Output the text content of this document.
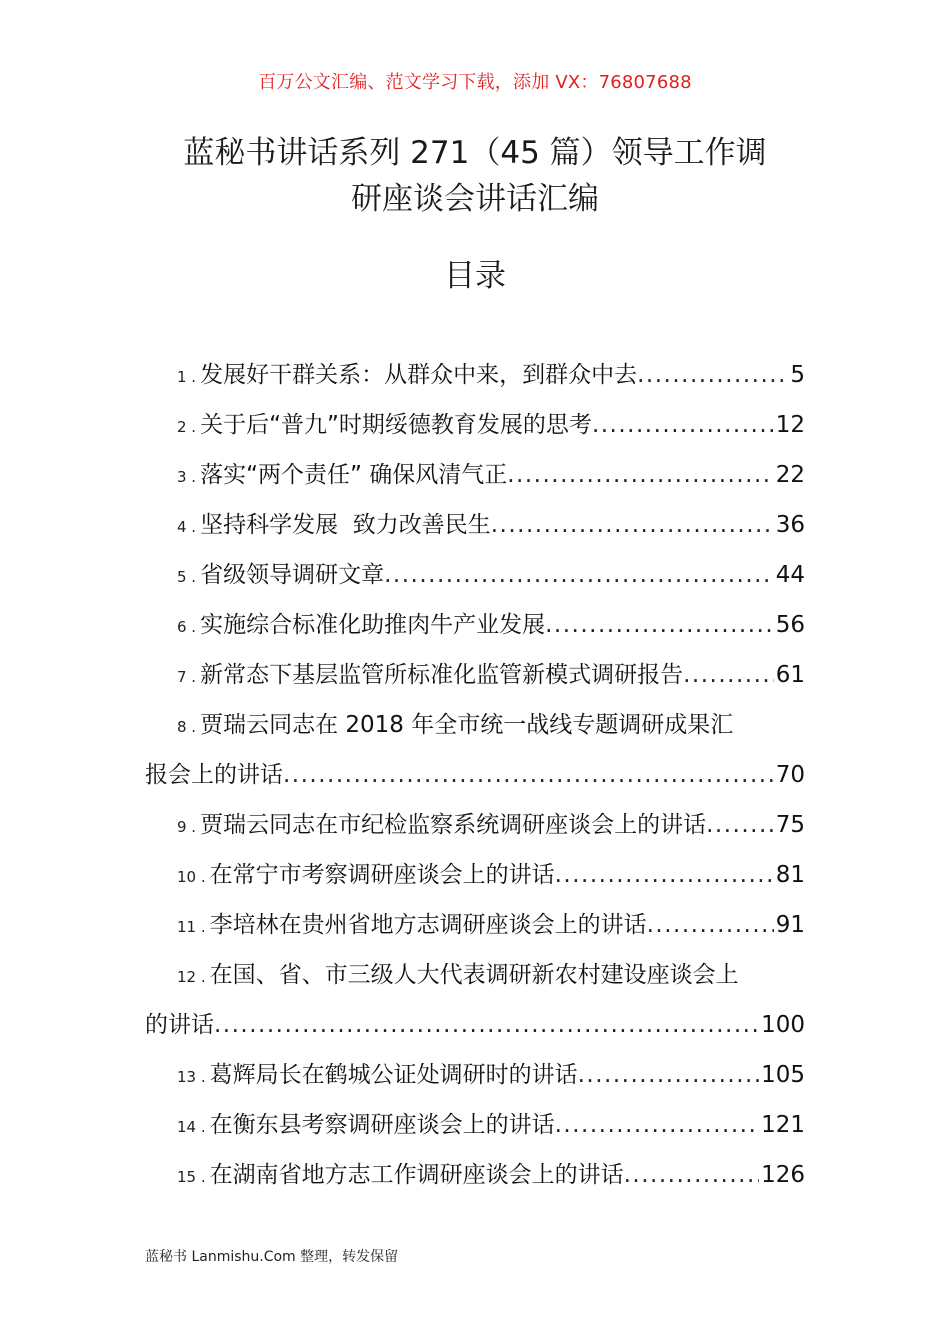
百万公文汇编、范文学习下载，添加 VX：76807688
蓝秘书讲话系列 271（45 篇）领导工作调
研座谈会讲话汇编
目录
1 . 发展好干群关系：从群众中来，到群众中去 .....	5
2 . 关于后“普九”时期绥德教育发展的思考 .....	12
3 . 落实“两个责任” 确保风清气正 .....	22
4 . 坚持科学发展  致力改善民生 .....	36
5 . 省级领导调研文章 .....	44
6 . 实施综合标准化助推肉牛产业发展 .....	56
7 . 新常态下基层监管所标准化监管新模式调研报告 .....	61
8 . 贾瑞云同志在 2018 年全市统一战线专题调研成果汇
报会上的讲话 .....	70
9 . 贾瑞云同志在市纪检监察系统调研座谈会上的讲话 .....	75
10 . 在常宁市考察调研座谈会上的讲话 .....	81
11 . 李培林在贵州省地方志调研座谈会上的讲话 .....	91
12 . 在国、省、市三级人大代表调研新农村建设座谈会上
的讲话 .....	100
13 . 葛辉局长在鹤城公证处调研时的讲话 .....	105
14 . 在衡东县考察调研座谈会上的讲话 .....	121
15 . 在湖南省地方志工作调研座谈会上的讲话 .....	126
蓝秘书 Lanmishu.Com 整理，转发保留
